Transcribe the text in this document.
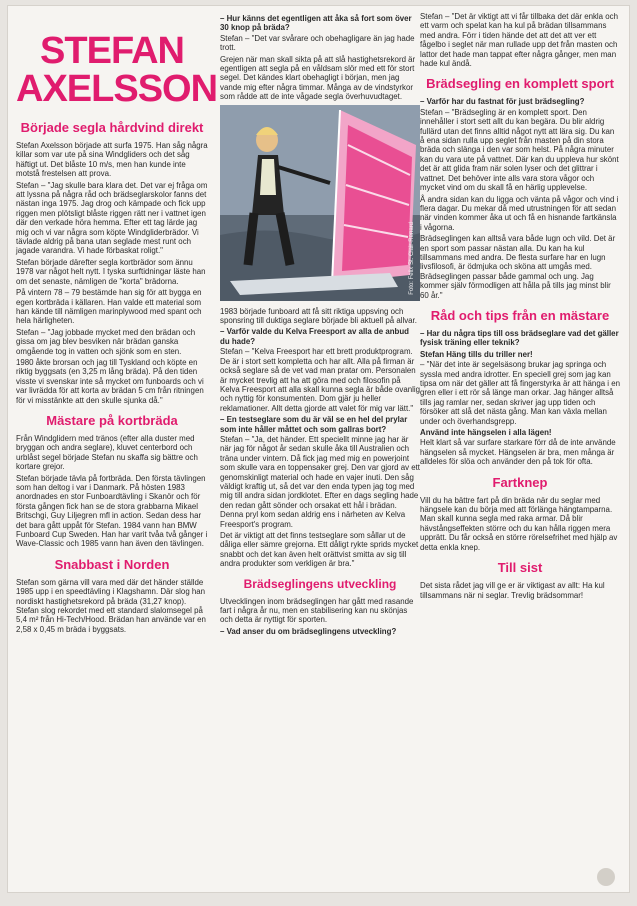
STEFAN
AXELSSON
Började segla hårdvind direkt

Stefan Axelsson började att surfa 1975. Han såg några killar som var ute på sina Windgliders och det såg häftigt ut. Det blåste 10 m/s, men han kunde inte motstå frestelsen att prova.

Stefan – "Jag skulle bara klara det. Det var ej fråga om att lyssna på några råd och brädseglarskolor fanns det nästan inga 1975. Jag drog och kämpade och fick upp riggen men plötsligt blåste riggen rätt ner i vattnet igen där den verkade höra hemma. Efter ett tag lärde jag mig och vi var några som köpte Windgliderbrädor. Vi tävlade aldrig på bana utan seglade mest runt och jagade varandra. Vi hade förbaskat roligt."

Stefan började därefter segla kortbrädor som ännu 1978 var något helt nytt. I tyska surftidningar läste han om det senaste, nämligen de "korta" brädorna.

På vintern 78 – 79 bestämde han sig för att bygga en egen kortbräda i källaren. Han valde ett material som han kände till nämligen marinplywood med spant och hela härligheten.

Stefan – "Jag jobbade mycket med den brädan och gissa om jag blev besviken när brädan ganska omgående tog in vatten och sjönk som en sten.

1980 åkte brorsan och jag till Tyskland och köpte en riktig byggsats (en 3,25 m lång bräda). På den tiden visste vi svenskar inte så mycket om funboards och vi var livrädda för att korta av brädan 5 cm från ritningen för vi misstänkte att den skulle sjunka då."

Mästare på kortbräda

Från Windglidern med tränos (efter alla duster med bryggan och andra seglare), kluvet centerbord och urblåst segel började Stefan nu skaffa sig bättre och kortare grejor.

Stefan började tävla på fortbräda. Den första tävlingen som han deltog i var i Danmark. På hösten 1983 anordnades en stor Funboardtävling i Skanör och för första gången fick han se de stora grabbarna Mikael Britschgi, Guy Liljegren mfl in action. Sedan dess har det bara gått uppåt för Stefan. 1984 vann han BMW Funboard Cup Sweden. Han har varit tvåa två gånger i Wave-Classic och 1985 vann han även den tävlingen.

Snabbast i Norden

Stefan som gärna vill vara med där det händer ställde 1985 upp i en speedtävling i Klagshamn. Där slog han nordiskt hastighetsrekord på bräda (31,27 knop). Stefan slog rekordet med ett standard slalomsegel på 5,4 m² från Hi-Tech/Hood. Brädan han använde var en 2,58 x 0,45 m bräda i byggsats.

– Hur känns det egentligen att åka så fort som över 30 knop på bräda?

Stefan – "Det var svårare och obehagligare än jag hade trott.

Grejen när man skall sikta på att slå hastighetsrekord är egentligen att segla på en våldsam slör med ett för stort segel. Det kändes klart obehagligt i början, men jag vande mig efter några timmar. Många av de vindstyrkor som rådde att de inte vågade segla överhuvudtaget.

Foto: Felix St. Clair-Renard

1983 började funboard att få sitt riktiga uppsving och sponsring till duktiga seglare började bli aktuell på allvar.

– Varför valde du Kelva Freesport av alla de anbud du hade?

Stefan – "Kelva Freesport har ett brett produktprogram. De är i stort sett kompletta och har allt. Alla på firman är också seglare så de vet vad man pratar om. Personalen är mycket trevlig att ha att göra med och filosofin på Kelva Freesport att alla skall kunna segla är både ovanlig och nyttig för konsumenten. Dom gjär ju heller reklamationer. Allt detta gjorde att valet för mig var lätt."

– En testseglare som du är väl se en hel del prylar som inte håller måttet och som gallras bort?

Stefan – "Ja, det händer. Ett speciellt minne jag har är när jag för något år sedan skulle åka till Australien och träna under vintern. Då fick jag med mig en powerjoint som skulle vara en toppensaker grej. Den var gjord av ett genomskinligt material och hade en vajer inuti. Den såg väldigt kraftig ut, så det var den enda typen jag tog med mig till andra sidan jordklotet. Efter en dags segling hade den redan gått sönder och orsakat ett hål i brädan. Denna pryl kom sedan aldrig ens i närheten av Kelva Freesport's program.

Det är viktigt att det finns testseglare som sållar ut de dåliga eller sämre grejorna. Ett dåligt rykte sprids mycket snabbt och det kan även helt orättvist smitta av sig till andra produkter som verkligen är bra."

Brädseglingens utveckling

Utvecklingen inom brädseglingen har gått med rasande fart i några år nu, men en stabilisering kan nu skönjas och detta är nyttigt för sporten.

– Vad anser du om brädseglingens utveckling?

Stefan – "Det är viktigt att vi får tillbaka det där enkla och ett varm och spelat kan ha kul på brädan tillsammans med andra. Förr i tiden hände det att det att ver ett fågelbo i seglet när man rullade upp det från masten och lattor det hade man tappat efter några gånger, men man hade kul ändå.

Brädsegling en komplett sport

– Varför har du fastnat för just brädsegling?

Stefan – "Brädsegling är en komplett sport. Den innehåller i stort sett allt du kan begära. Du blir aldrig fullärd utan det finns alltid något nytt att lära sig. Du kan å ena sidan rulla upp seglet från masten på din stora bräda och slänga i den var som helst. På några minuter kan du vara ute på vattnet. Där kan du uppleva hur skönt det är att glida fram när solen lyser och det glittrar i vattnet. Det behöver inte alls vara stora vågor och mycket vind om du skall få en härlig upplevelse.

Å andra sidan kan du ligga och vänta på vågor och vind i flera dagar. Du mekar då med utrustningen för att sedan när vinden kommer åka ut och få en hisnande fartkänsla i vågorna.

Brädseglingen kan alltså vara både lugn och vild. Det är en sport som passar nästan alla. Du kan ha kul tillsammans med andra. De flesta surfare har en lugn livsfilosofi, är ödmjuka och sköna att umgås med. Brädseglingen passar både gammal och ung. Jag kommer själv förmodligen att hålla på tills jag minst blir 60 år."

Råd och tips från en mästare

– Har du några tips till oss brädseglare vad det gäller fysisk träning eller teknik?

Stefan Häng tills du triller ner!

– "När det inte är segelsäsong brukar jag springa och syssla med andra idrotter. En speciell grej som jag kan tipsa om när det gäller att få fingerstyrka är att hänga i en gren eller i ett rör så länge man orkar. Jag hänger alltså tills jag ramlar ner, sedan skriver jag upp tiden och försöker att slå det nästa gång. Man kan växla mellan under och överhandsgrepp.

Använd inte hängselen i alla lägen!

Helt klart så var surfare starkare förr då de inte använde hängselen så mycket. Hängselen är bra, men många är alldeles för slöa och använder den på tok för ofta.

Fartknep

Vill du ha bättre fart på din bräda när du seglar med hängsele kan du börja med att förlänga hängtamparna. Man skall kunna segla med raka armar. Då blir hävstångseffekten större och du kan hålla riggen mera upprätt. Du får också en större rörelsefrihet med hjälp av detta enkla knep.

Till sist

Det sista rådet jag vill ge er är viktigast av allt: Ha kul tillsammans när ni seglar. Trevlig brädsommar!
